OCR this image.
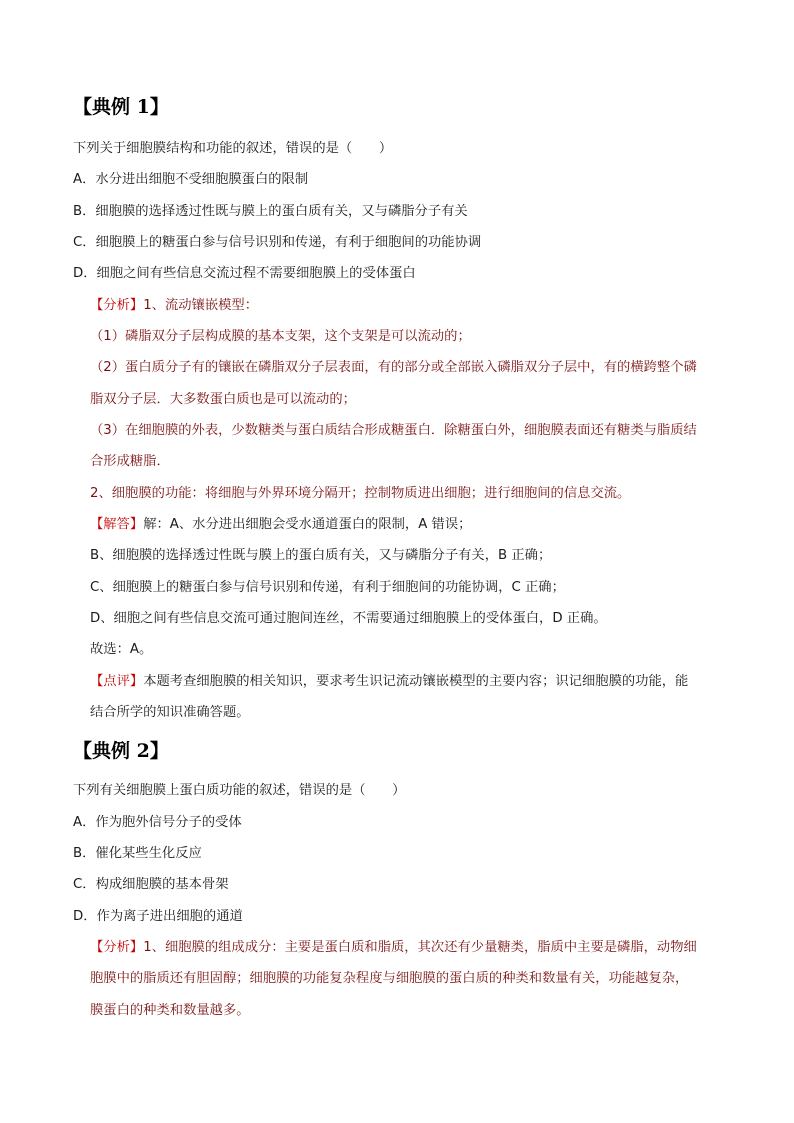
【典例 1】
下列关于细胞膜结构和功能的叙述，错误的是（　　）
A．水分进出细胞不受细胞膜蛋白的限制
B．细胞膜的选择透过性既与膜上的蛋白质有关，又与磷脂分子有关
C．细胞膜上的糖蛋白参与信号识别和传递，有利于细胞间的功能协调
D．细胞之间有些信息交流过程不需要细胞膜上的受体蛋白
【分析】1、流动镶嵌模型：
（1）磷脂双分子层构成膜的基本支架，这个支架是可以流动的；
（2）蛋白质分子有的镶嵌在磷脂双分子层表面，有的部分或全部嵌入磷脂双分子层中，有的横跨整个磷
脂双分子层．大多数蛋白质也是可以流动的；
（3）在细胞膜的外表，少数糖类与蛋白质结合形成糖蛋白．除糖蛋白外，细胞膜表面还有糖类与脂质结
合形成糖脂．
2、细胞膜的功能：将细胞与外界环境分隔开；控制物质进出细胞；进行细胞间的信息交流。
【解答】解：A、水分进出细胞会受水通道蛋白的限制，A 错误；
B、细胞膜的选择透过性既与膜上的蛋白质有关，又与磷脂分子有关，B 正确；
C、细胞膜上的糖蛋白参与信号识别和传递，有利于细胞间的功能协调，C 正确；
D、细胞之间有些信息交流可通过胞间连丝，不需要通过细胞膜上的受体蛋白，D 正确。
故选：A。
【点评】本题考查细胞膜的相关知识，要求考生识记流动镶嵌模型的主要内容；识记细胞膜的功能，能
结合所学的知识准确答题。
【典例 2】
下列有关细胞膜上蛋白质功能的叙述，错误的是（　　）
A．作为胞外信号分子的受体
B．催化某些生化反应
C．构成细胞膜的基本骨架
D．作为离子进出细胞的通道
【分析】1、细胞膜的组成成分：主要是蛋白质和脂质，其次还有少量糖类，脂质中主要是磷脂，动物细
胞膜中的脂质还有胆固醇；细胞膜的功能复杂程度与细胞膜的蛋白质的种类和数量有关，功能越复杂，
膜蛋白的种类和数量越多。
